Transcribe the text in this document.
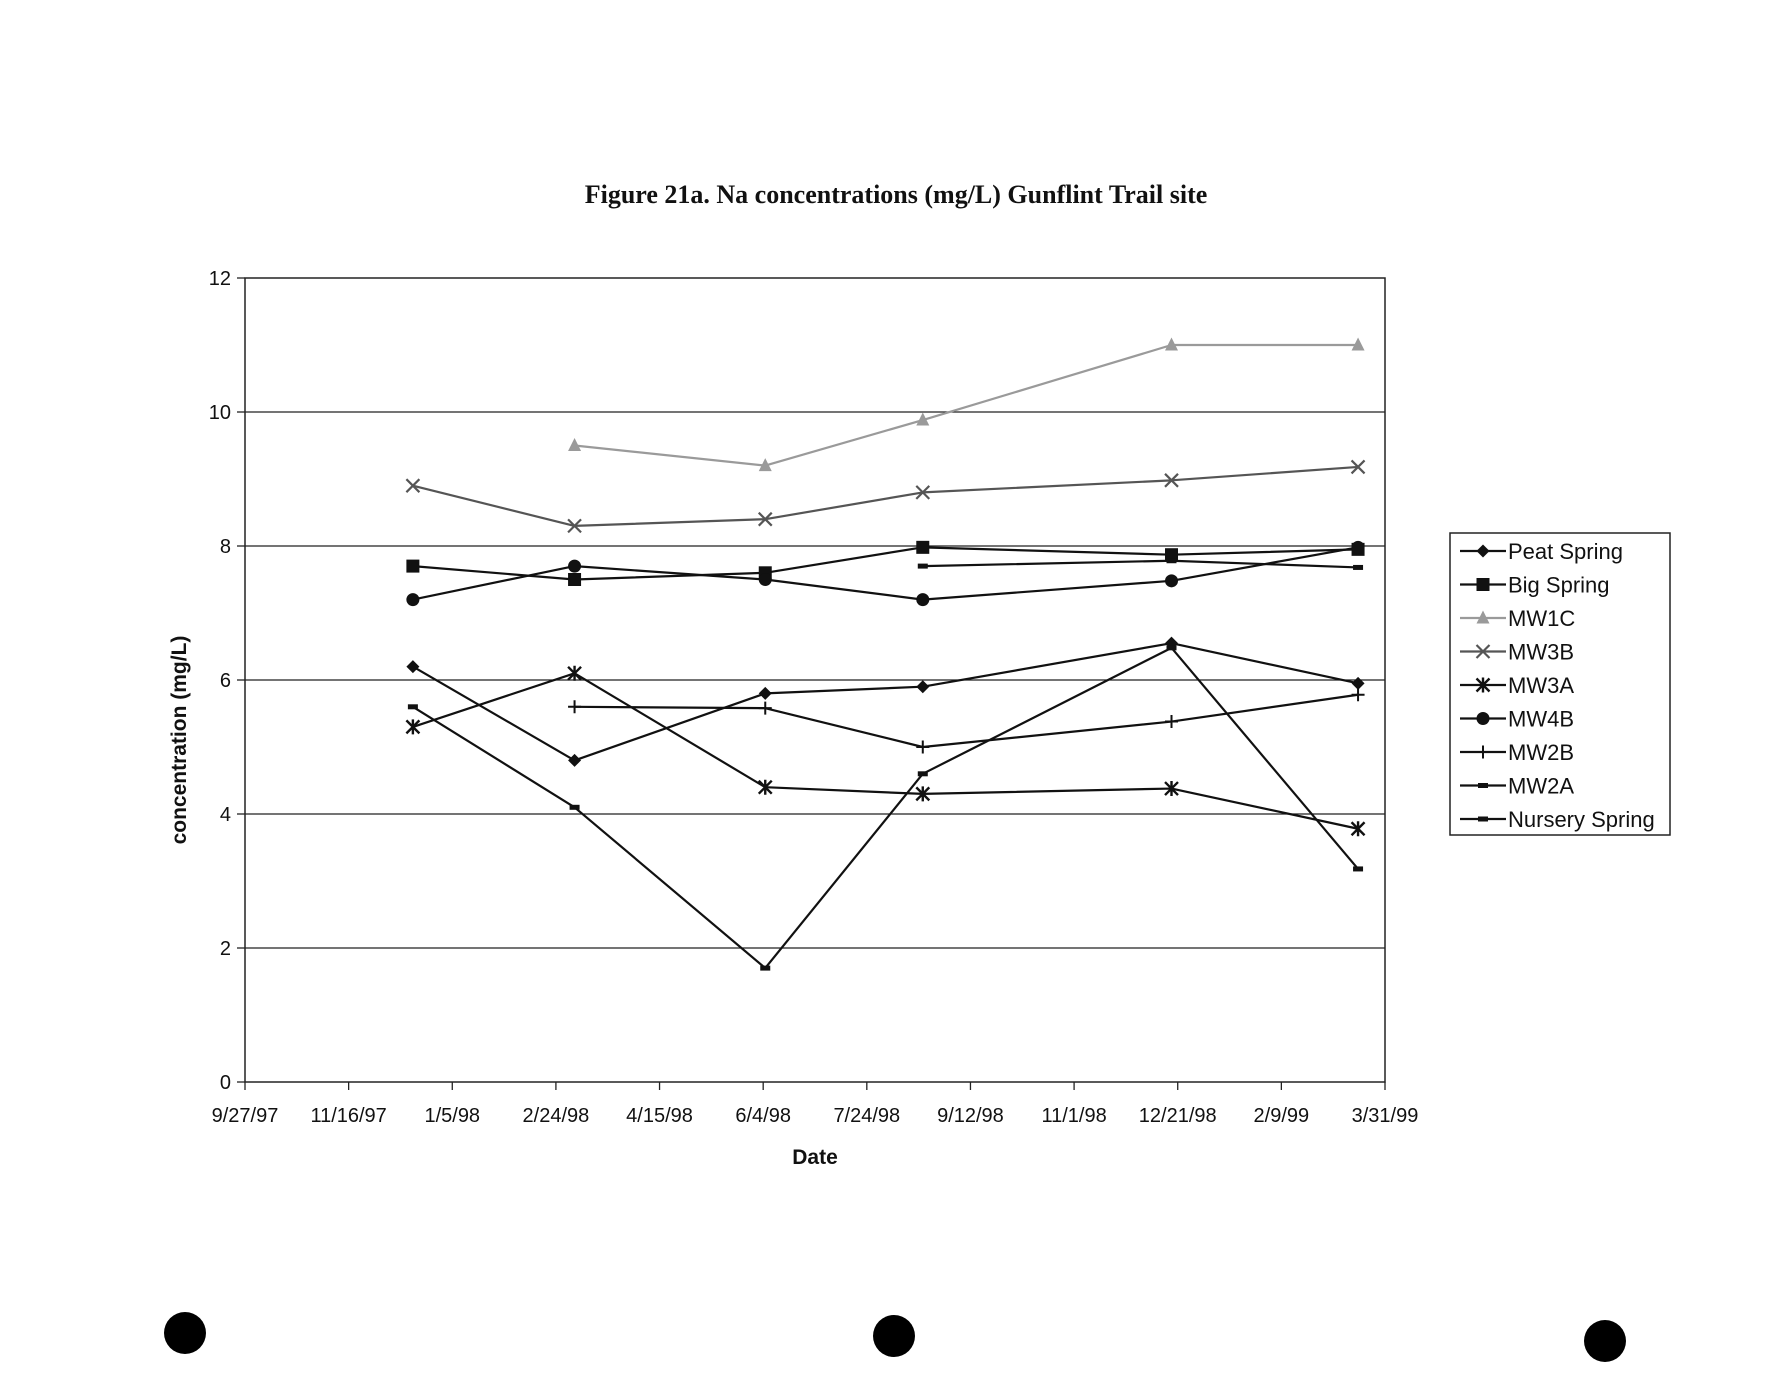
Figure 21a. Na concentrations (mg/L) Gunflint Trail site
0
2
4
6
8
10
12
9/27/97 11/16/97 1/5/98 2/24/98 4/15/98 6/4/98 7/24/98 9/12/98 11/1/98 12/21/98 2/9/99 3/31/99
Peat Spring
Big Spring
MW1C
MW3B
MW3A
MW4B
MW2B
MW2A
Nursery Spring
Date
concentration (mg/L)
